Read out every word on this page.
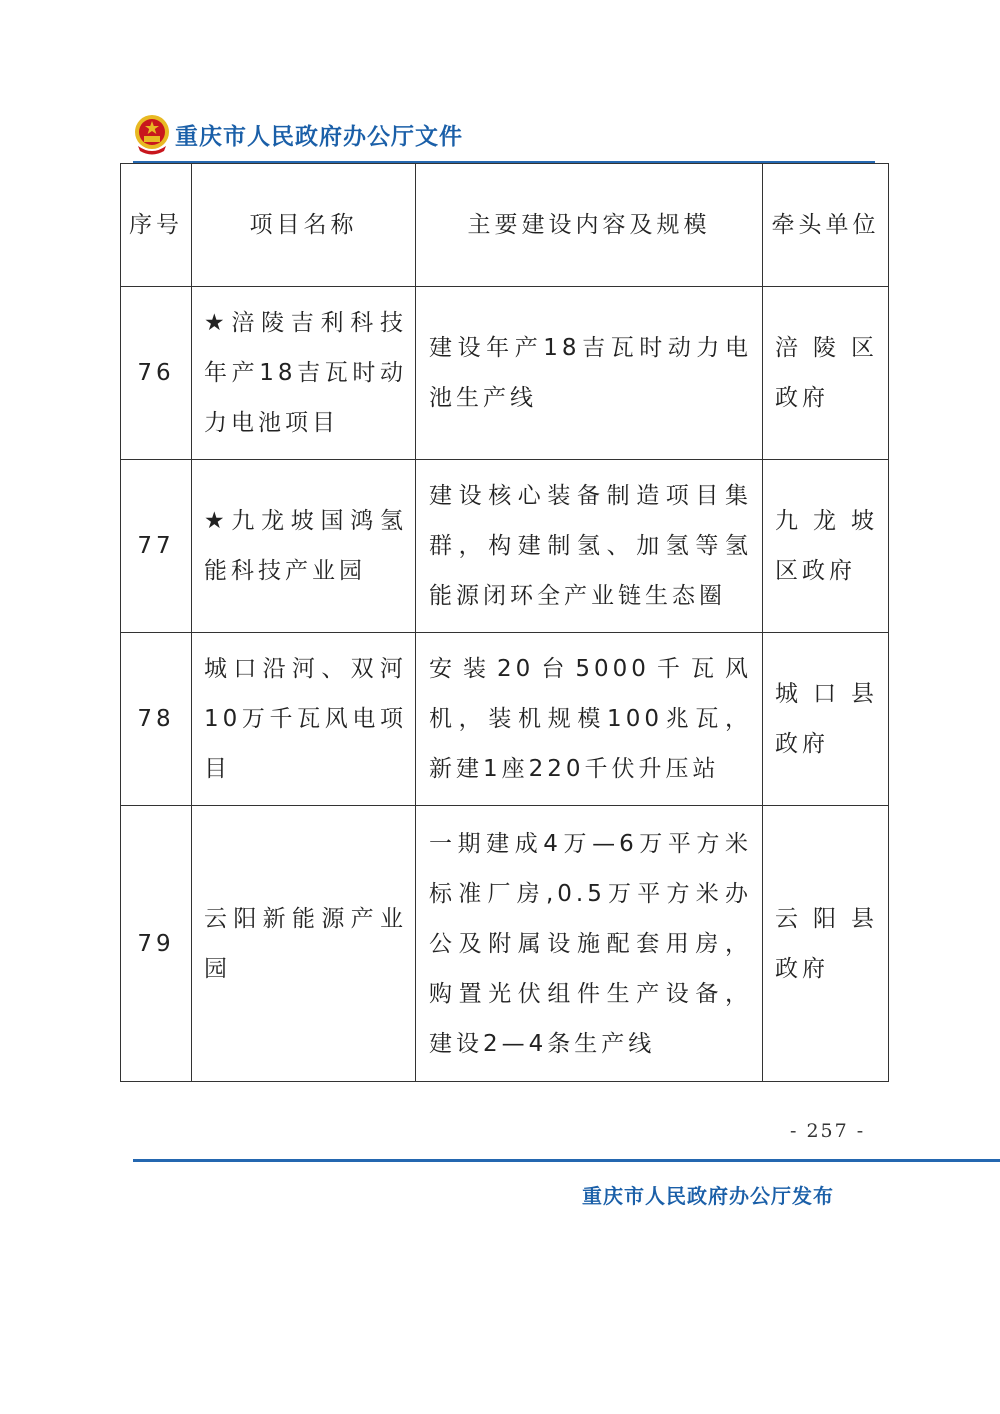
重庆市人民政府办公厅文件
序号	项目名称	主要建设内容及规模	牵头单位
76	★涪陵吉利科技年产18吉瓦时动力电池项目	建设年产18吉瓦时动力电池生产线	涪陵区政府
77	★九龙坡国鸿氢能科技产业园	建设核心装备制造项目集群，构建制氢、加氢等氢能源闭环全产业链生态圈	九龙坡区政府
78	城口沿河、双河10万千瓦风电项目	安装20台5000千瓦风机，装机规模100兆瓦，新建1座220千伏升压站	城口县政府
79	云阳新能源产业园	一期建成4万—6万平方米标准厂房,0.5万平方米办公及附属设施配套用房，购置光伏组件生产设备，建设2—4条生产线	云阳县政府
- 257 -
重庆市人民政府办公厅发布
